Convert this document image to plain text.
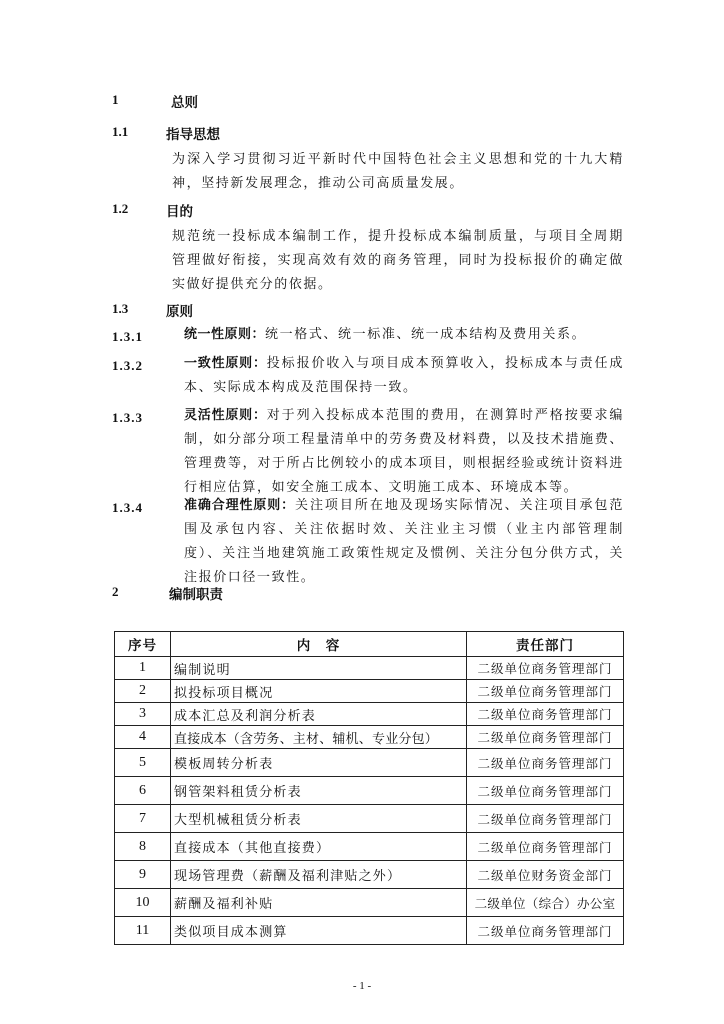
1	总则
1.1	指导思想

为深入学习贯彻习近平新时代中国特色社会主义思想和党的十九大精神，坚持新发展理念，推动公司高质量发展。

1.2	目的

规范统一投标成本编制工作，提升投标成本编制质量，与项目全周期管理做好衔接，实现高效有效的商务管理，同时为投标报价的确定做实做好提供充分的依据。

1.3	原则
1.3.1	统一性原则：统一格式、统一标准、统一成本结构及费用关系。

1.3.2	一致性原则：投标报价收入与项目成本预算收入，投标成本与责任成本、实际成本构成及范围保持一致。

1.3.3	灵活性原则：对于列入投标成本范围的费用，在测算时严格按要求编制，如分部分项工程量清单中的劳务费及材料费，以及技术措施费、管理费等，对于所占比例较小的成本项目，则根据经验或统计资料进行相应估算，如安全施工成本、文明施工成本、环境成本等。

1.3.4	准确合理性原则：关注项目所在地及现场实际情况、关注项目承包范围及承包内容、关注依据时效、关注业主习惯（业主内部管理制度）、关注当地建筑施工政策性规定及惯例、关注分包分供方式，关注报价口径一致性。

2	编制职责
序号	内　容	责任部门
1	编制说明	二级单位商务管理部门
2	拟投标项目概况	二级单位商务管理部门
3	成本汇总及利润分析表	二级单位商务管理部门
4	直接成本（含劳务、主材、辅机、专业分包）	二级单位商务管理部门
5	模板周转分析表	二级单位商务管理部门
6	钢管架料租赁分析表	二级单位商务管理部门
7	大型机械租赁分析表	二级单位商务管理部门
8	直接成本（其他直接费）	二级单位商务管理部门
9	现场管理费（薪酬及福利津贴之外）	二级单位财务资金部门
10	薪酬及福利补贴	二级单位（综合）办公室
11	类似项目成本测算	二级单位商务管理部门
- 1 -
